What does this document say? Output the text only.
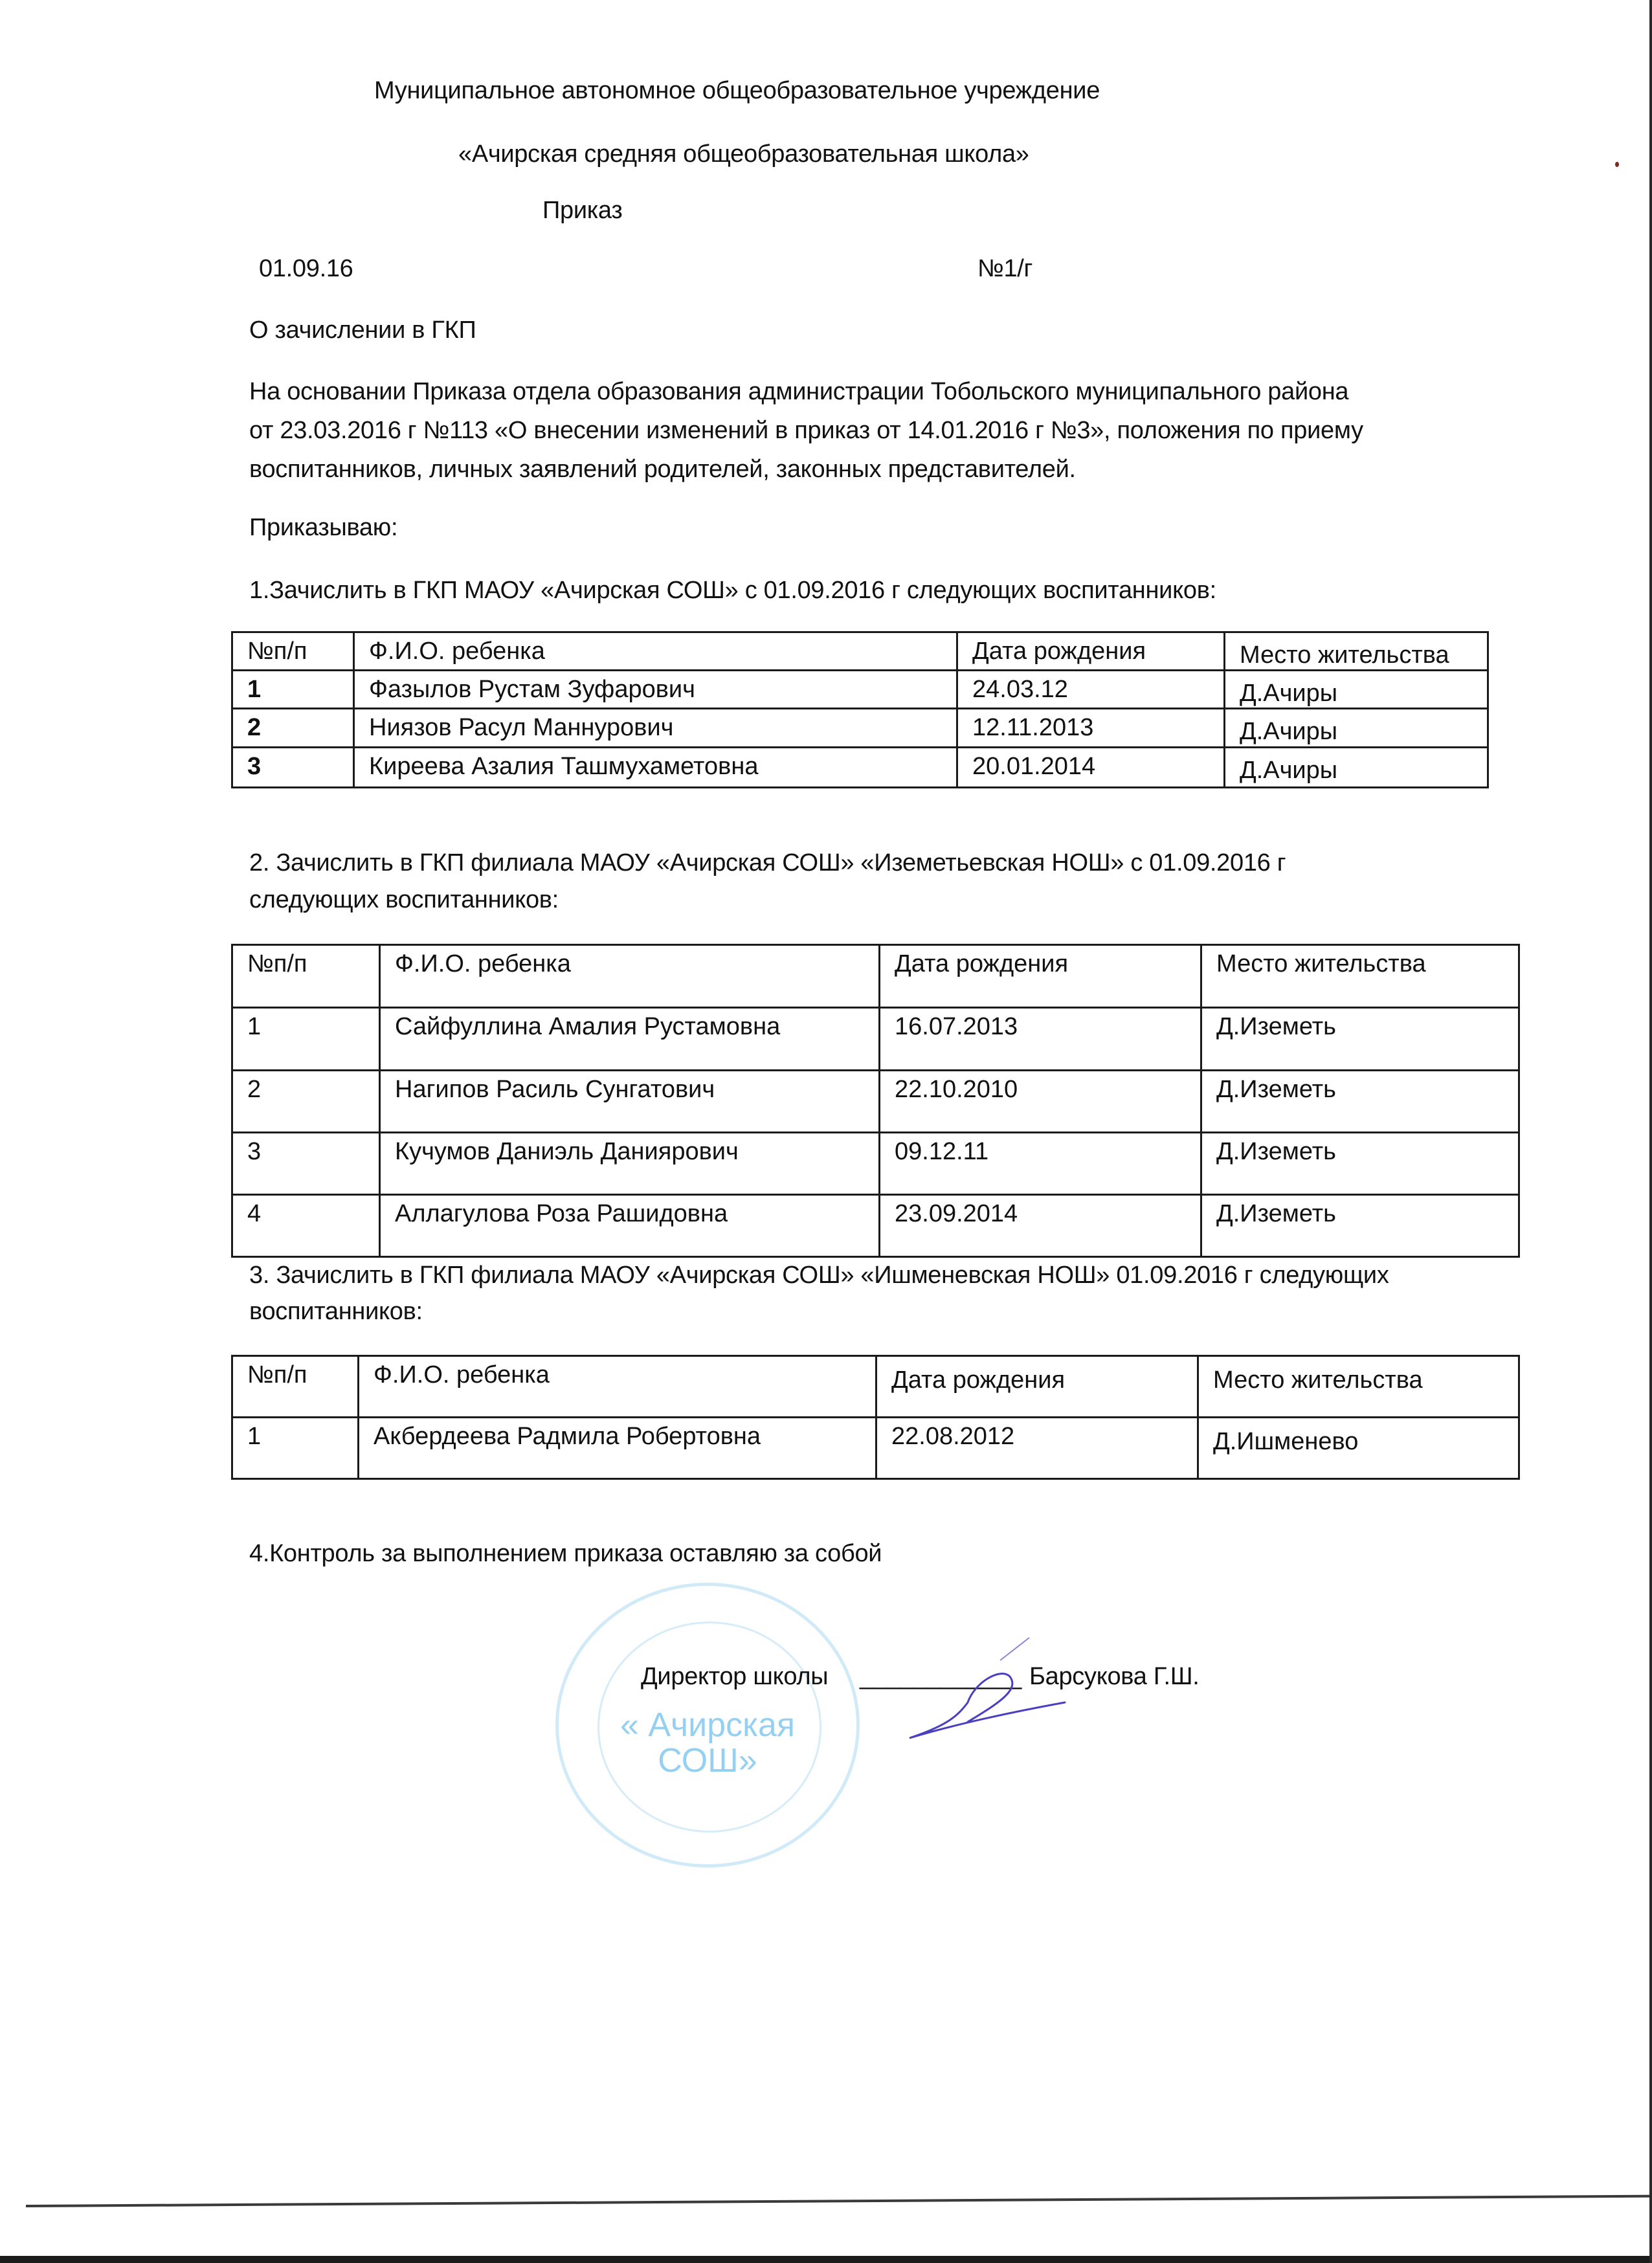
Муниципальное автономное общеобразовательное учреждение
«Ачирская средняя общеобразовательная школа»
Приказ
01.09.16	№1/г
О зачислении в ГКП
На основании Приказа отдела образования администрации Тобольского муниципального района
от 23.03.2016 г №113 «О внесении изменений в приказ от 14.01.2016 г №3», положения по приему
воспитанников, личных заявлений родителей, законных представителей.
Приказываю:
1.Зачислить в ГКП МАОУ «Ачирская СОШ» с 01.09.2016 г следующих воспитанников:
№п/п	Ф.И.О. ребенка	Дата рождения	Место жительства
1	Фазылов Рустам Зуфарович	24.03.12	Д.Ачиры
2	Ниязов Расул Маннурович	12.11.2013	Д.Ачиры
3	Киреева Азалия Ташмухаметовна	20.01.2014	Д.Ачиры
2. Зачислить в ГКП филиала МАОУ «Ачирская СОШ» «Иземетьевская НОШ» с 01.09.2016 г
следующих воспитанников:
№п/п	Ф.И.О. ребенка	Дата рождения	Место жительства
1	Сайфуллина Амалия Рустамовна	16.07.2013	Д.Иземеть
2	Нагипов Расиль Сунгатович	22.10.2010	Д.Иземеть
3	Кучумов Даниэль Даниярович	09.12.11	Д.Иземеть
4	Аллагулова Роза Рашидовна	23.09.2014	Д.Иземеть
3. Зачислить в ГКП филиала МАОУ «Ачирская СОШ» «Ишменевская НОШ» 01.09.2016 г следующих
воспитанников:
№п/п	Ф.И.О. ребенка	Дата рождения	Место жительства
1	Акбердеева Радмила Робертовна	22.08.2012	Д.Ишменево
4.Контроль за выполнением приказа оставляю за собой
« Ачирская
СОШ»
Директор школы ____________ Барсукова Г.Ш.
